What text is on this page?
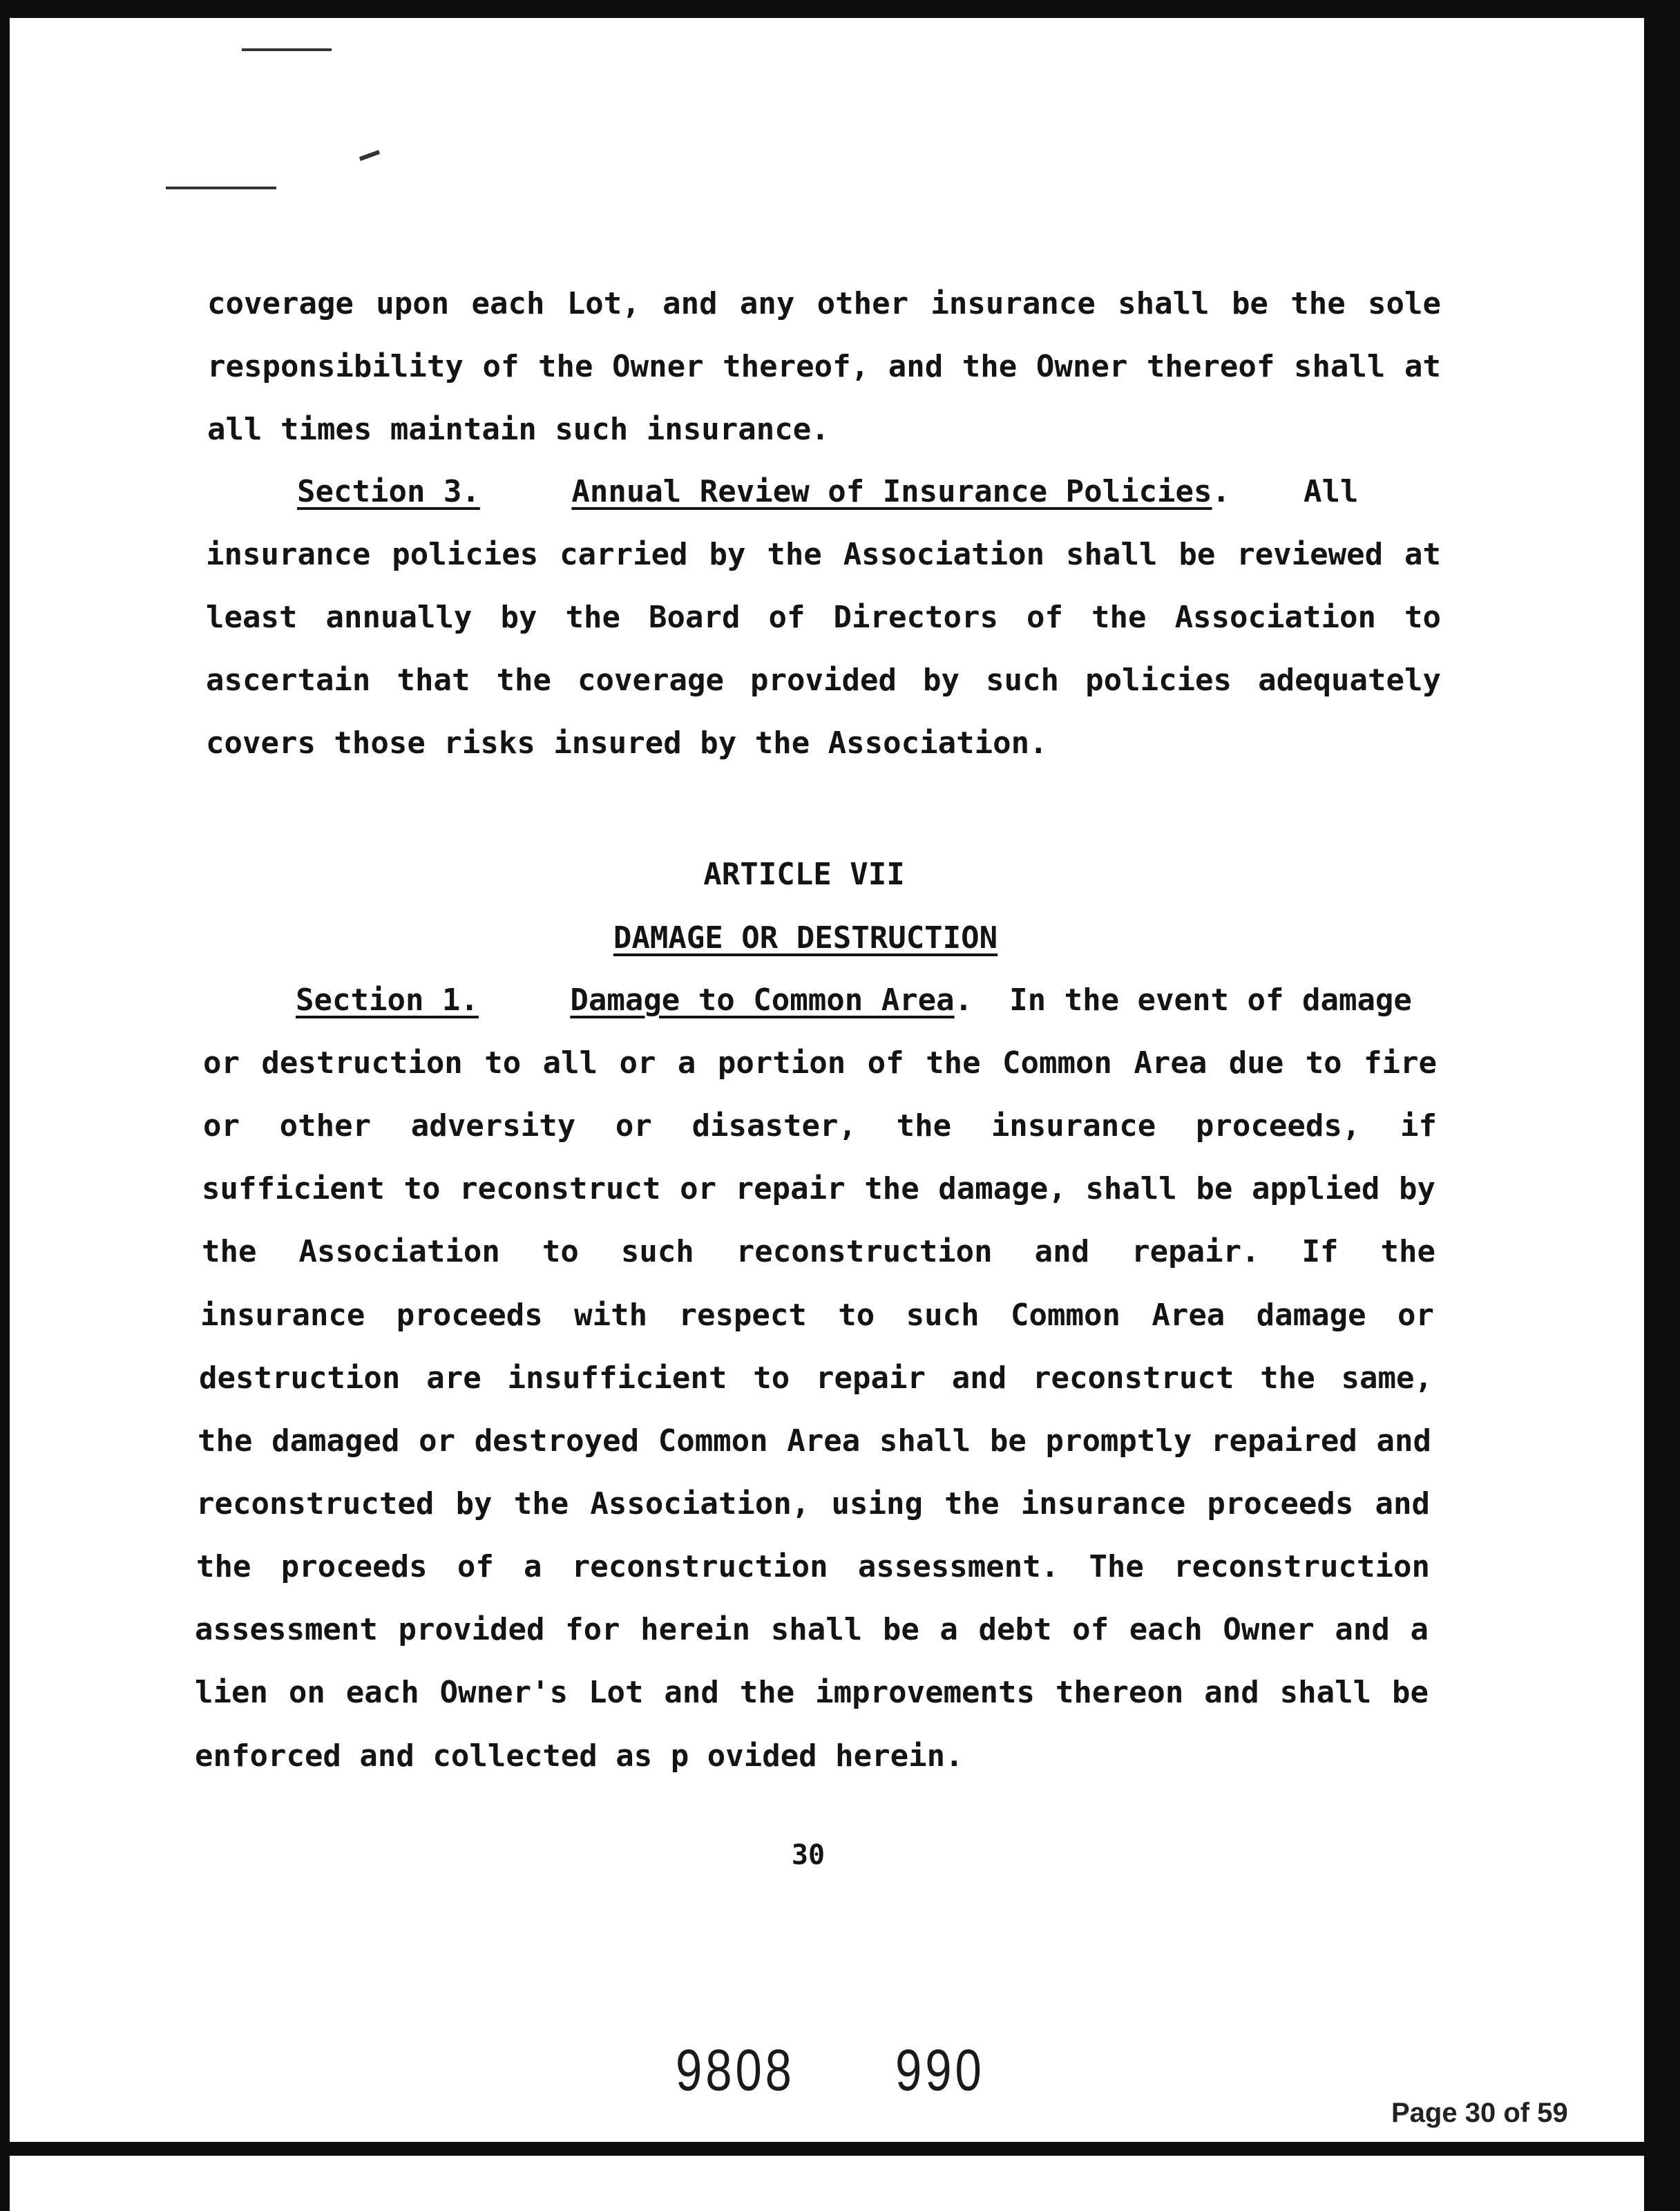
coverage upon each Lot, and any other insurance shall be the sole

responsibility of the Owner thereof, and the Owner thereof shall at

all times maintain such insurance.

Section 3.	Annual Review of Insurance Policies.    All

insurance policies carried by the Association shall be reviewed at

least annually by the Board of Directors of the Association to

ascertain that the coverage provided by such policies adequately

covers those risks insured by the Association.

ARTICLE VII

DAMAGE OR DESTRUCTION

Section 1.	Damage to Common Area.  In the event of damage

or destruction to all or a portion of the Common Area due to fire

or other adversity or disaster, the insurance proceeds, if

sufficient to reconstruct or repair the damage, shall be applied by

the Association to such reconstruction and repair. If the

insurance proceeds with respect to such Common Area damage or

destruction are insufficient to repair and reconstruct the same,

the damaged or destroyed Common Area shall be promptly repaired and

reconstructed by the Association, using the insurance proceeds and

the proceeds of a reconstruction assessment. The reconstruction

assessment provided for herein shall be a debt of each Owner and a

lien on each Owner's Lot and the improvements thereon and shall be

enforced and collected as p ovided herein.

30
9808 990
Page 30 of 59
